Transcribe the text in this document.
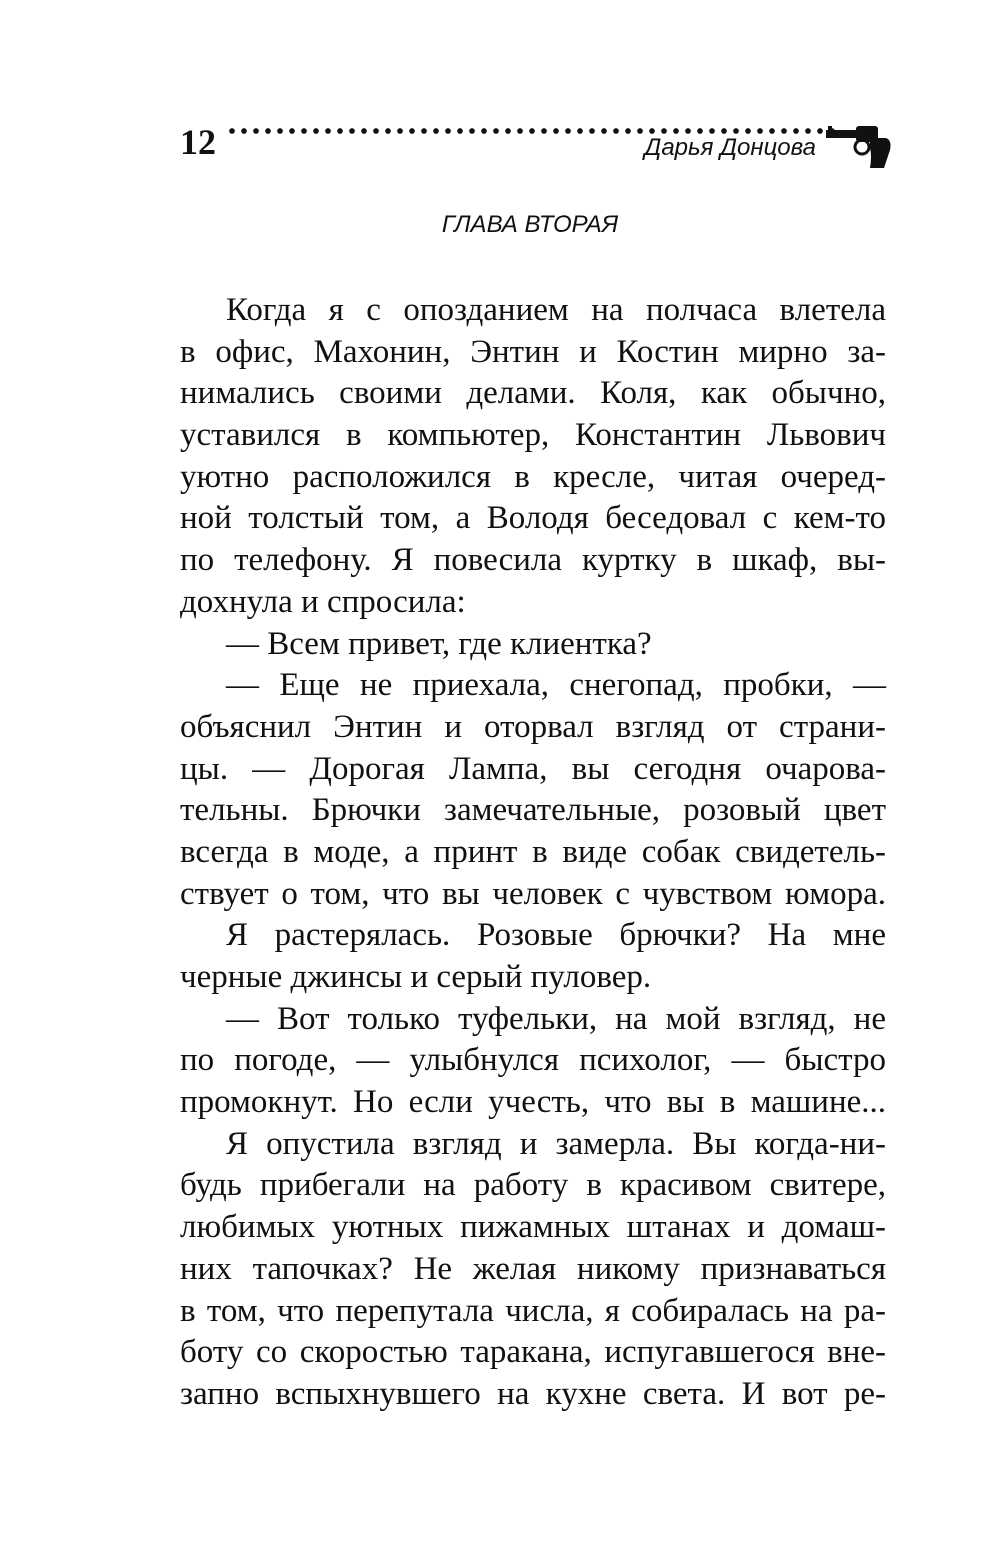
12	Дарья Донцова
ГЛАВА ВТОРАЯ
Когда я с опозданием на полчаса влетела
в офис, Махонин, Энтин и Костин мирно за-
нимались своими делами. Коля, как обычно,
уставился в компьютер, Константин Львович
уютно расположился в кресле, читая очеред-
ной толстый том, а Володя беседовал с кем-то
по телефону. Я повесила куртку в шкаф, вы-
дохнула и спросила:
— Всем привет, где клиентка?
— Еще не приехала, снегопад, пробки, —
объяснил Энтин и оторвал взгляд от страни-
цы. — Дорогая Лампа, вы сегодня очарова-
тельны. Брючки замечательные, розовый цвет
всегда в моде, а принт в виде собак свидетель-
ствует о том, что вы человек с чувством юмора.
Я растерялась. Розовые брючки? На мне
черные джинсы и серый пуловер.
— Вот только туфельки, на мой взгляд, не
по погоде, — улыбнулся психолог, — быстро
промокнут. Но если учесть, что вы в машине...
Я опустила взгляд и замерла. Вы когда-ни-
будь прибегали на работу в красивом свитере,
любимых уютных пижамных штанах и домаш-
них тапочках? Не желая никому признаваться
в том, что перепутала числа, я собиралась на ра-
боту со скоростью таракана, испугавшегося вне-
запно вспыхнувшего на кухне света. И вот ре-
